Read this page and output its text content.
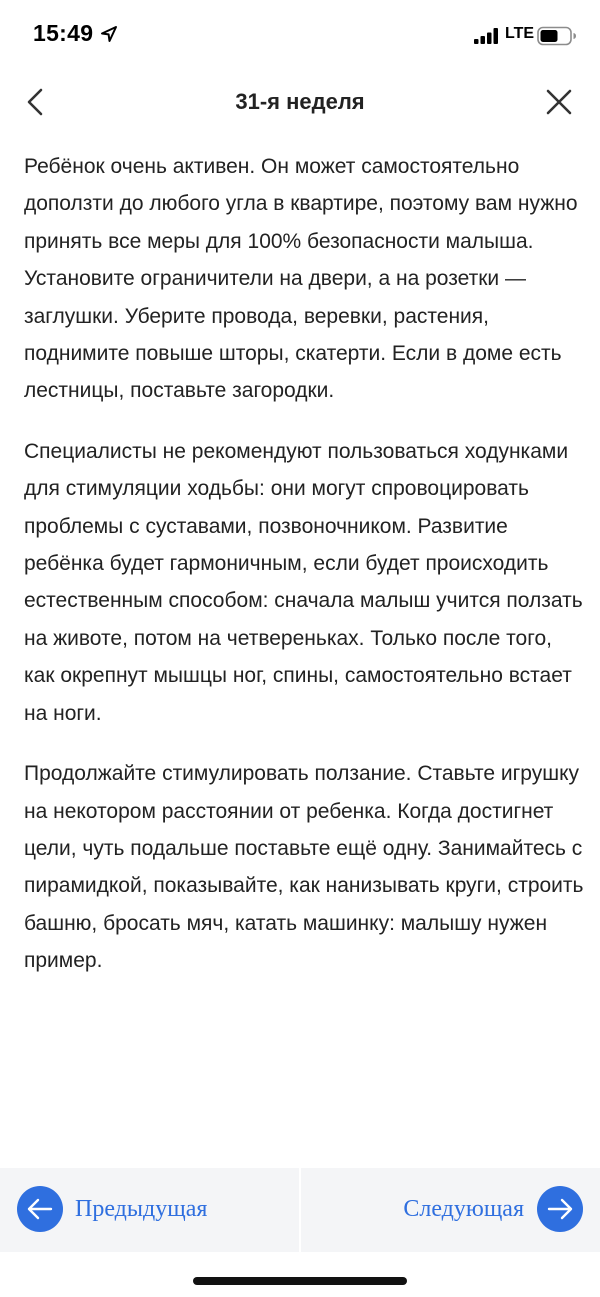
15:49	LTE
31-я неделя

Ребёнок очень активен. Он может самостоятельно доползти до любого угла в квартире, поэтому вам нужно принять все меры для 100% безопасности малыша. Установите ограничители на двери, а на розетки — заглушки. Уберите провода, веревки, растения, поднимите повыше шторы, скатерти. Если в доме есть лестницы, поставьте загородки.

Специалисты не рекомендуют пользоваться ходунками для стимуляции ходьбы: они могут спровоцировать проблемы с суставами, позвоночником. Развитие ребёнка будет гармоничным, если будет происходить естественным способом: сначала малыш учится ползать на животе, потом на четвереньках. Только после того, как окрепнут мышцы ног, спины, самостоятельно встает на ноги.

Продолжайте стимулировать ползание. Ставьте игрушку на некотором расстоянии от ребенка. Когда достигнет цели, чуть подальше поставьте ещё одну. Занимайтесь с пирамидкой, показывайте, как нанизывать круги, строить башню, бросать мяч, катать машинку: малышу нужен пример.

Предыдущая	Следующая
